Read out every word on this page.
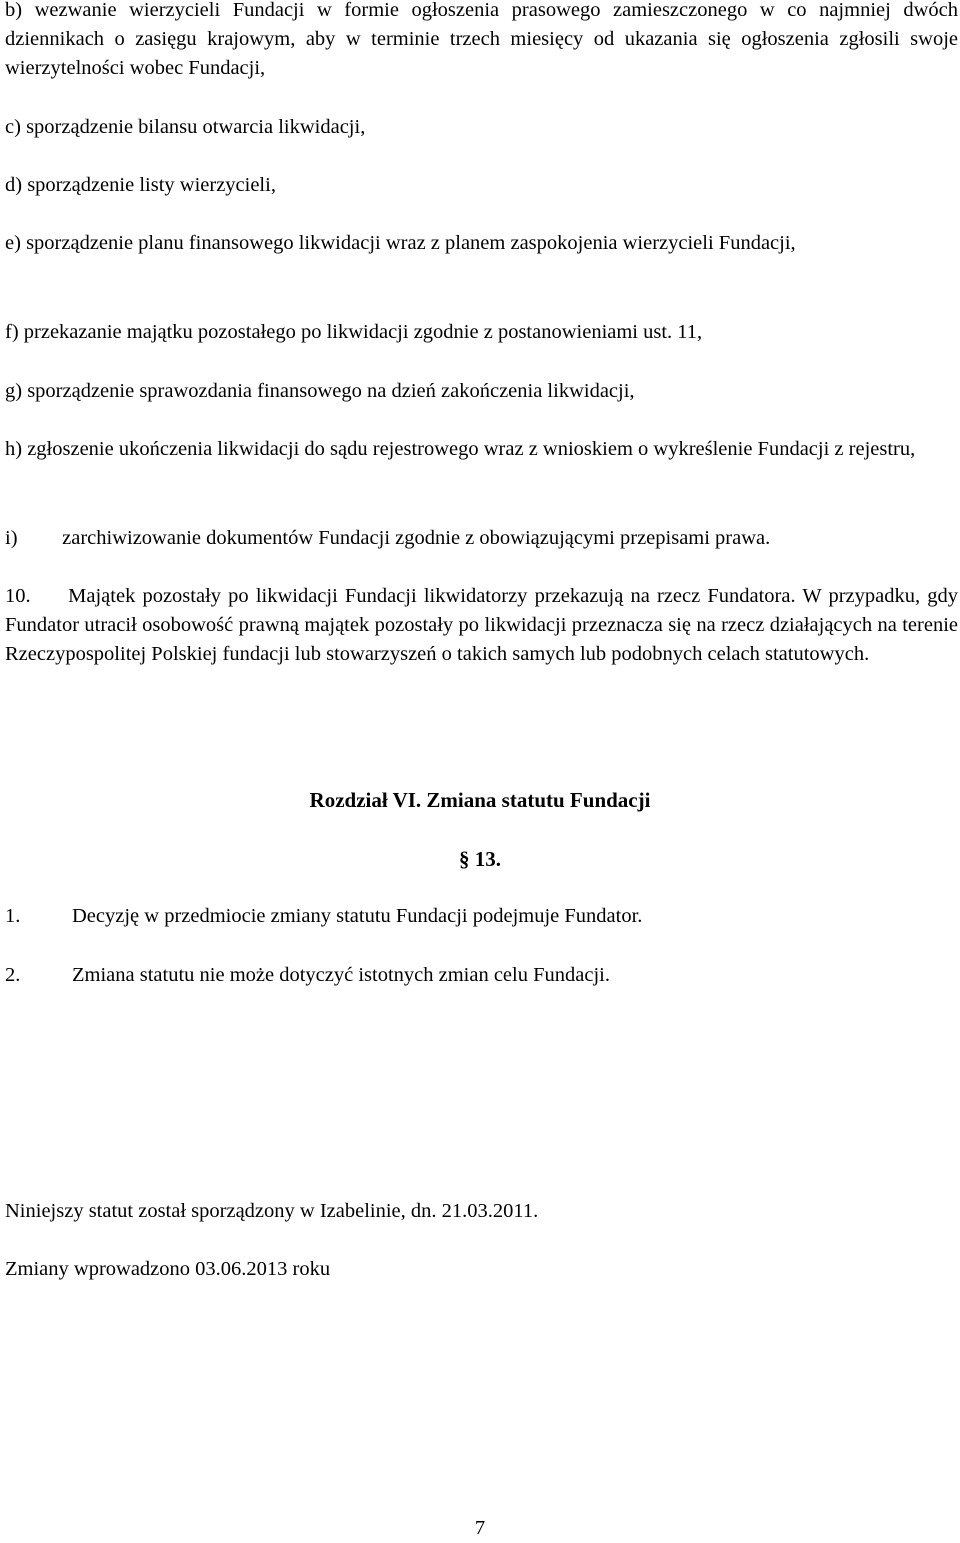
b) wezwanie wierzycieli Fundacji w formie ogłoszenia prasowego zamieszczonego w co najmniej dwóch dziennikach o zasięgu krajowym, aby w terminie trzech miesięcy od ukazania się ogłoszenia zgłosili swoje wierzytelności wobec Fundacji,
c) sporządzenie bilansu otwarcia likwidacji,
d) sporządzenie listy wierzycieli,
e) sporządzenie planu finansowego likwidacji wraz z planem zaspokojenia wierzycieli Fundacji,
f) przekazanie majątku pozostałego po likwidacji zgodnie z postanowieniami ust. 11,
g) sporządzenie sprawozdania finansowego na dzień zakończenia likwidacji,
h) zgłoszenie ukończenia likwidacji do sądu rejestrowego wraz z wnioskiem o wykreślenie Fundacji z rejestru,
i) zarchiwizowanie dokumentów Fundacji zgodnie z obowiązującymi przepisami prawa.
10. Majątek pozostały po likwidacji Fundacji likwidatorzy przekazują na rzecz Fundatora. W przypadku, gdy Fundator utracił osobowość prawną majątek pozostały po likwidacji przeznacza się na rzecz działających na terenie Rzeczypospolitej Polskiej fundacji lub stowarzyszeń o takich samych lub podobnych celach statutowych.
Rozdział VI. Zmiana statutu Fundacji
§ 13.
1.	Decyzję w przedmiocie zmiany statutu Fundacji podejmuje Fundator.
2.	Zmiana statutu nie może dotyczyć istotnych zmian celu Fundacji.
Niniejszy statut został sporządzony w Izabelinie, dn. 21.03.2011.
Zmiany wprowadzono 03.06.2013 roku
7
